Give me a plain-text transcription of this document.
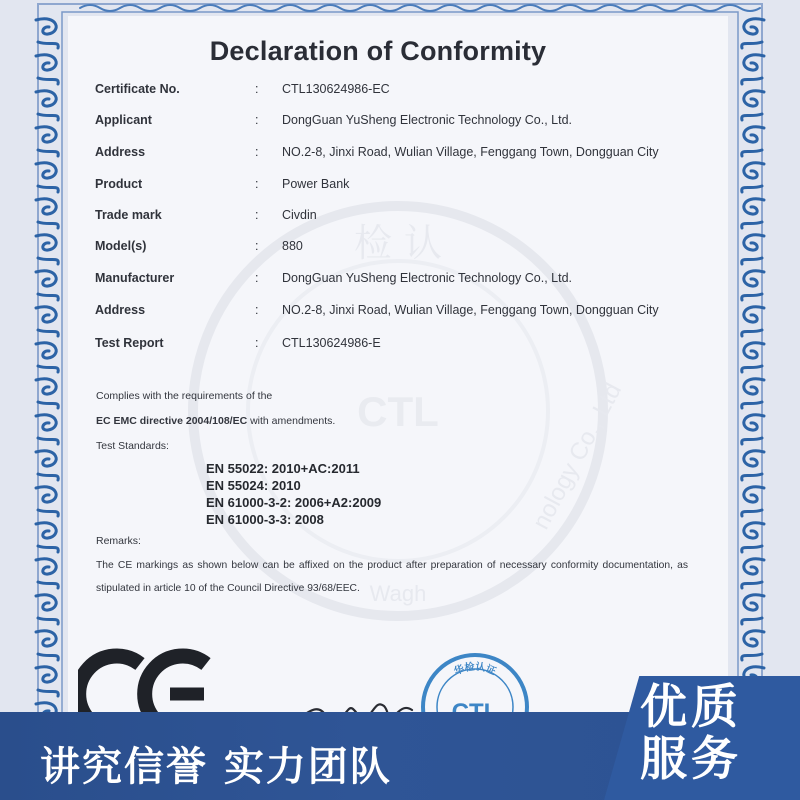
CTL
检 认
nology Co., Ltd
Wagh
Declaration of Conformity
Certificate No.	: CTL130624986-EC
Applicant	: DongGuan YuSheng Electronic Technology Co., Ltd.
Address	: NO.2-8, Jinxi Road, Wulian Village, Fenggang Town, Dongguan City
Product	: Power Bank
Trade mark	: Civdin
Model(s)	: 880
Manufacturer	: DongGuan YuSheng Electronic Technology Co., Ltd.
Address	: NO.2-8, Jinxi Road, Wulian Village, Fenggang Town, Dongguan City
Test Report	: CTL130624986-E
Complies with the requirements of the
EC EMC directive 2004/108/EC with amendments.
Test Standards:
EN 55022: 2010+AC:2011
EN 55024: 2010
EN 61000-3-2: 2006+A2:2009
EN 61000-3-3: 2008
Remarks:
The CE markings as shown below can be affixed on the product after preparation of necessary conformity documentation, as stipulated in article 10 of the Council Directive 93/68/EEC.
华检认证
讲究信誉 实力团队
优质
服务
